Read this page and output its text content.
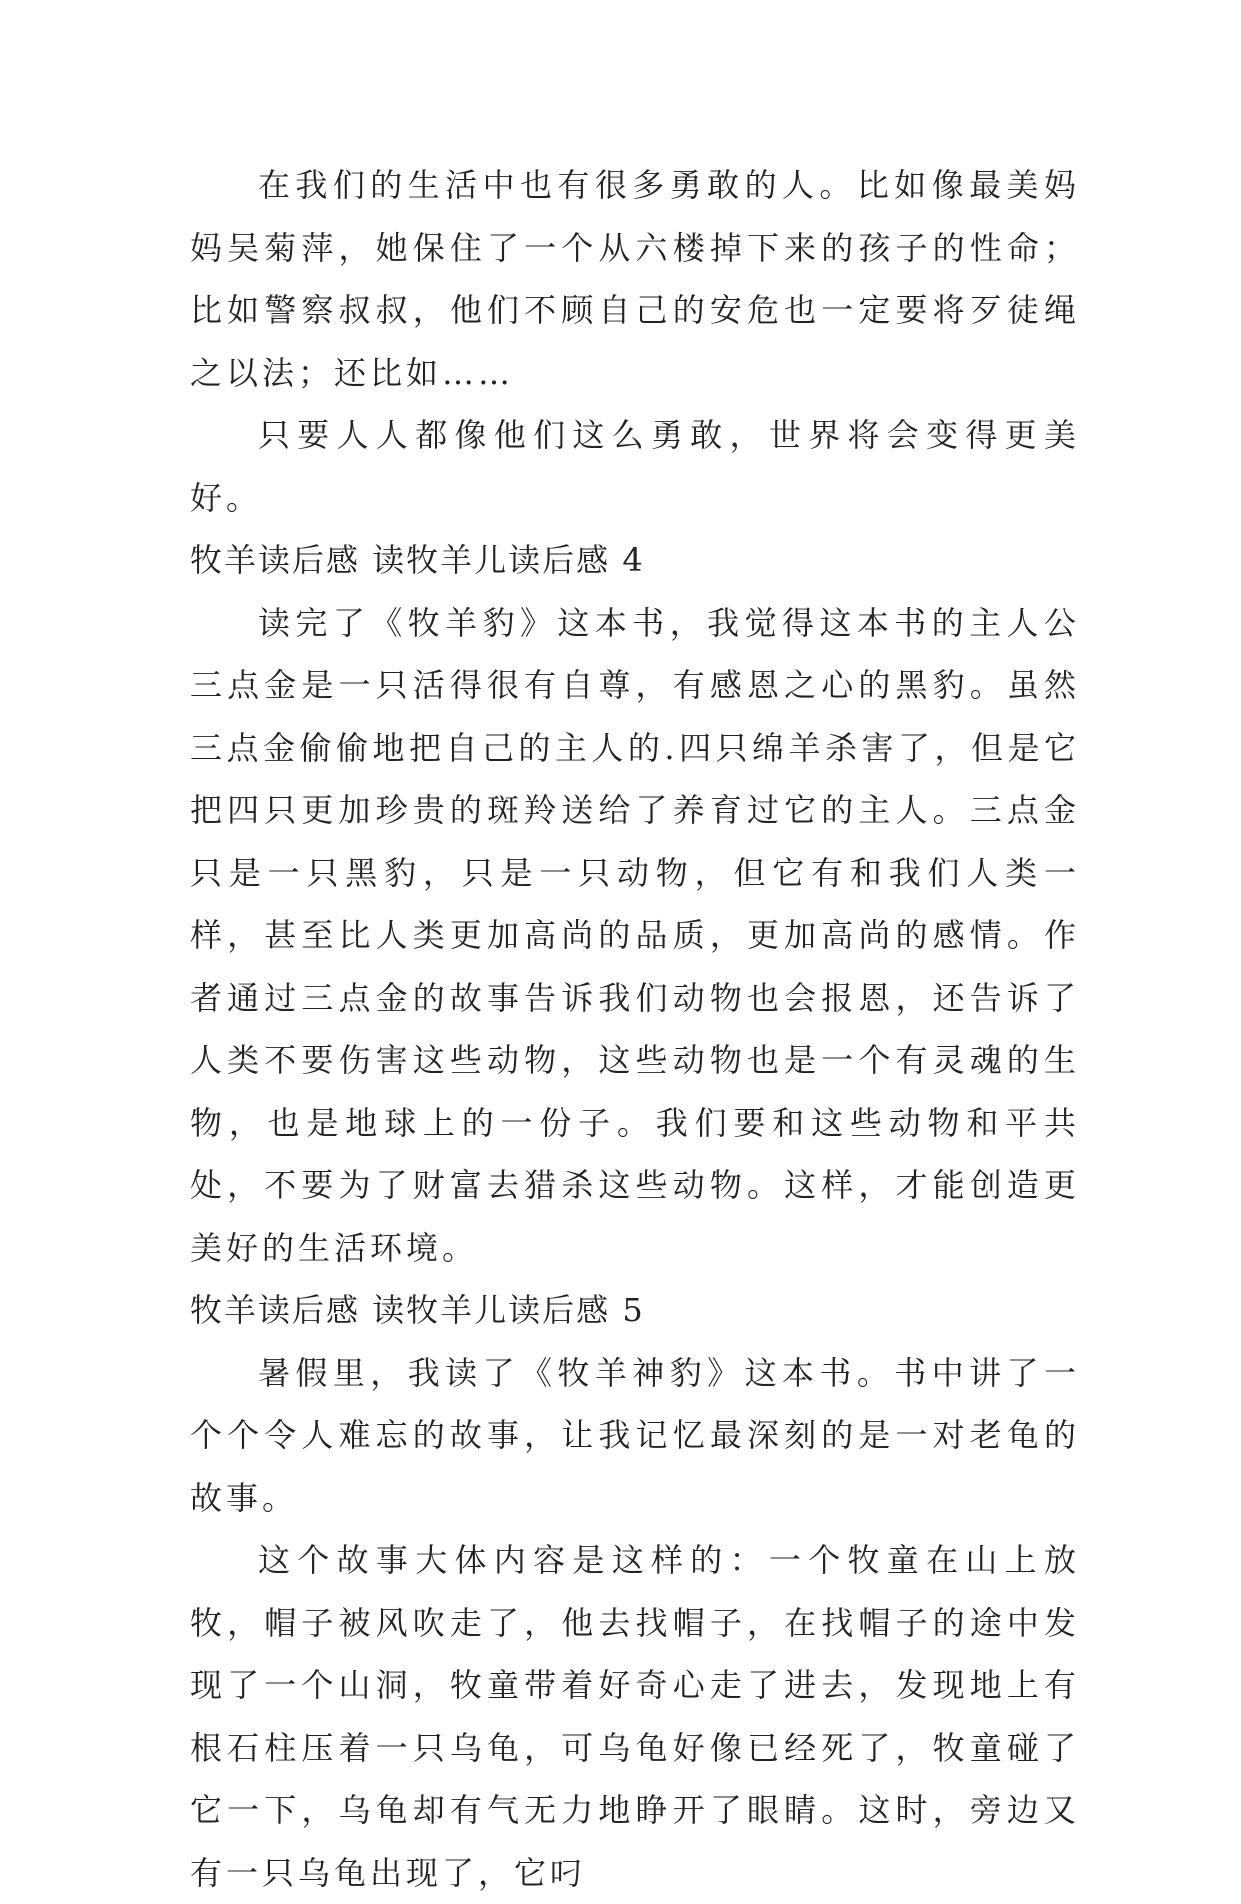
在我们的生活中也有很多勇敢的人。比如像最美妈妈吴菊萍，她保住了一个从六楼掉下来的孩子的性命；比如警察叔叔，他们不顾自己的安危也一定要将歹徒绳之以法；还比如……

只要人人都像他们这么勇敢，世界将会变得更美好。

牧羊读后感 读牧羊儿读后感 4

读完了《牧羊豹》这本书，我觉得这本书的主人公三点金是一只活得很有自尊，有感恩之心的黑豹。虽然三点金偷偷地把自己的主人的.四只绵羊杀害了，但是它把四只更加珍贵的斑羚送给了养育过它的主人。三点金只是一只黑豹，只是一只动物，但它有和我们人类一样，甚至比人类更加高尚的品质，更加高尚的感情。作者通过三点金的故事告诉我们动物也会报恩，还告诉了人类不要伤害这些动物，这些动物也是一个有灵魂的生物，也是地球上的一份子。我们要和这些动物和平共处，不要为了财富去猎杀这些动物。这样，才能创造更美好的生活环境。

牧羊读后感 读牧羊儿读后感 5

暑假里，我读了《牧羊神豹》这本书。书中讲了一个个令人难忘的故事，让我记忆最深刻的是一对老龟的故事。

这个故事大体内容是这样的：一个牧童在山上放牧，帽子被风吹走了，他去找帽子，在找帽子的途中发现了一个山洞，牧童带着好奇心走了进去，发现地上有根石柱压着一只乌龟，可乌龟好像已经死了，牧童碰了它一下，乌龟却有气无力地睁开了眼睛。这时，旁边又有一只乌龟出现了，它叼
